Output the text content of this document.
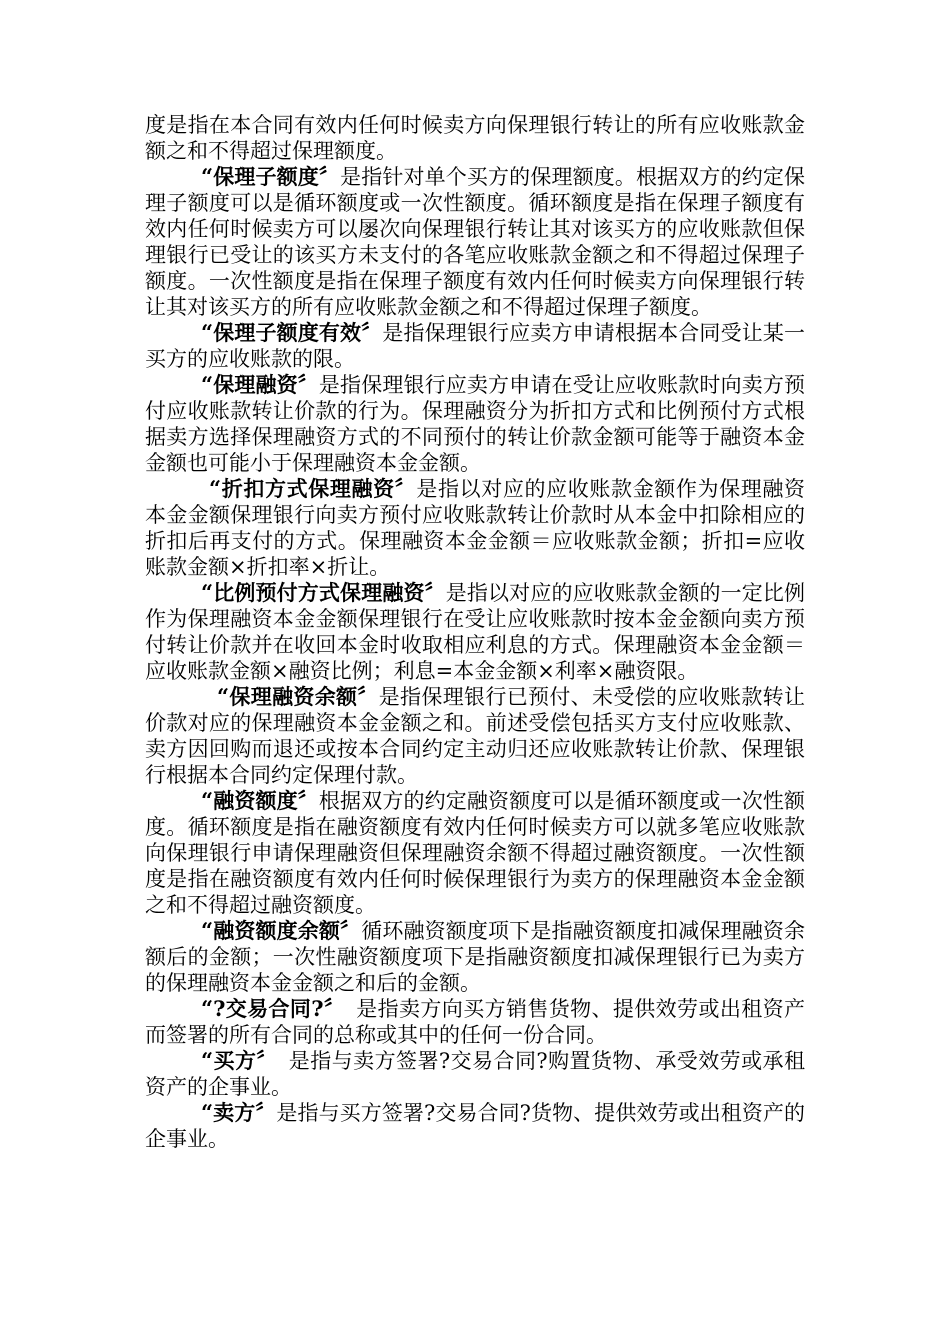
度是指在本合同有效内任何时候卖方向保理银行转让的所有应收账款金额之和不得超过保理额度。

“保理子额度〞是指针对单个买方的保理额度。根据双方的约定保理子额度可以是循环额度或一次性额度。循环额度是指在保理子额度有效内任何时候卖方可以屡次向保理银行转让其对该买方的应收账款但保理银行已受让的该买方未支付的各笔应收账款金额之和不得超过保理子额度。一次性额度是指在保理子额度有效内任何时候卖方向保理银行转让其对该买方的所有应收账款金额之和不得超过保理子额度。

“保理子额度有效〞是指保理银行应卖方申请根据本合同受让某一买方的应收账款的限。

“保理融资〞是指保理银行应卖方申请在受让应收账款时向卖方预付应收账款转让价款的行为。保理融资分为折扣方式和比例预付方式根据卖方选择保理融资方式的不同预付的转让价款金额可能等于融资本金金额也可能小于保理融资本金金额。

“折扣方式保理融资〞是指以对应的应收账款金额作为保理融资本金金额保理银行向卖方预付应收账款转让价款时从本金中扣除相应的折扣后再支付的方式。保理融资本金金额＝应收账款金额；折扣=应收账款金额×折扣率×折让。

“比例预付方式保理融资〞是指以对应的应收账款金额的一定比例作为保理融资本金金额保理银行在受让应收账款时按本金金额向卖方预付转让价款并在收回本金时收取相应利息的方式。保理融资本金金额＝应收账款金额×融资比例；利息=本金金额×利率×融资限。

“保理融资余额〞是指保理银行已预付、未受偿的应收账款转让价款对应的保理融资本金金额之和。前述受偿包括买方支付应收账款、卖方因回购而退还或按本合同约定主动归还应收账款转让价款、保理银行根据本合同约定保理付款。

“融资额度〞根据双方的约定融资额度可以是循环额度或一次性额度。循环额度是指在融资额度有效内任何时候卖方可以就多笔应收账款向保理银行申请保理融资但保理融资余额不得超过融资额度。一次性额度是指在融资额度有效内任何时候保理银行为卖方的保理融资本金金额之和不得超过融资额度。

“融资额度余额〞循环融资额度项下是指融资额度扣减保理融资余额后的金额；一次性融资额度项下是指融资额度扣减保理银行已为卖方的保理融资本金金额之和后的金额。

“?交易合同?〞　是指卖方向买方销售货物、提供效劳或出租资产而签署的所有合同的总称或其中的任何一份合同。

“买方〞　是指与卖方签署?交易合同?购置货物、承受效劳或承租资产的企事业。

“卖方〞是指与买方签署?交易合同?货物、提供效劳或出租资产的企事业。
